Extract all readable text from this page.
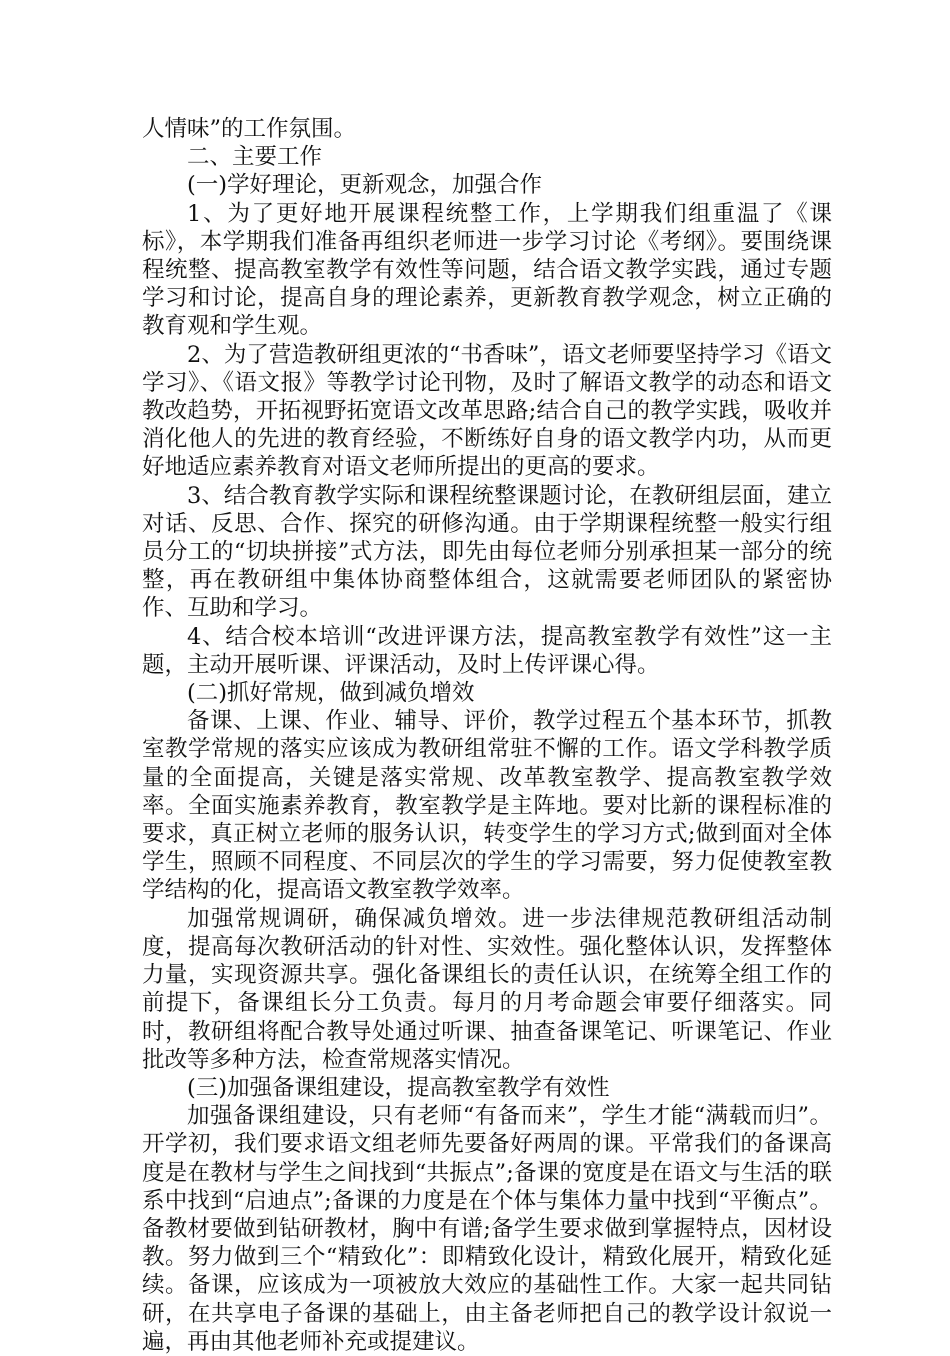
人情味”的工作氛围。

二、主要工作

(一)学好理论，更新观念，加强合作

1、为了更好地开展课程统整工作，上学期我们组重温了《课标》，本学期我们准备再组织老师进一步学习讨论《考纲》。要围绕课程统整、提高教室教学有效性等问题，结合语文教学实践，通过专题学习和讨论，提高自身的理论素养，更新教育教学观念，树立正确的教育观和学生观。

2、为了营造教研组更浓的“书香味”，语文老师要坚持学习《语文学习》、《语文报》等教学讨论刊物，及时了解语文教学的动态和语文教改趋势，开拓视野拓宽语文改革思路;结合自己的教学实践，吸收并消化他人的先进的教育经验，不断练好自身的语文教学内功，从而更好地适应素养教育对语文老师所提出的更高的要求。

3、结合教育教学实际和课程统整课题讨论，在教研组层面，建立对话、反思、合作、探究的研修沟通。由于学期课程统整一般实行组员分工的“切块拼接”式方法，即先由每位老师分别承担某一部分的统整，再在教研组中集体协商整体组合，这就需要老师团队的紧密协作、互助和学习。

4、结合校本培训“改进评课方法，提高教室教学有效性”这一主题，主动开展听课、评课活动，及时上传评课心得。

(二)抓好常规，做到减负增效

备课、上课、作业、辅导、评价，教学过程五个基本环节，抓教室教学常规的落实应该成为教研组常驻不懈的工作。语文学科教学质量的全面提高，关键是落实常规、改革教室教学、提高教室教学效率。全面实施素养教育，教室教学是主阵地。要对比新的课程标准的要求，真正树立老师的服务认识，转变学生的学习方式;做到面对全体学生，照顾不同程度、不同层次的学生的学习需要，努力促使教室教学结构的化，提高语文教室教学效率。

加强常规调研，确保减负增效。进一步法律规范教研组活动制度，提高每次教研活动的针对性、实效性。强化整体认识，发挥整体力量，实现资源共享。强化备课组长的责任认识，在统筹全组工作的前提下，备课组长分工负责。每月的月考命题会审要仔细落实。同时，教研组将配合教导处通过听课、抽查备课笔记、听课笔记、作业批改等多种方法，检查常规落实情况。

(三)加强备课组建设，提高教室教学有效性

加强备课组建设，只有老师“有备而来”，学生才能“满载而归”。开学初，我们要求语文组老师先要备好两周的课。平常我们的备课高度是在教材与学生之间找到“共振点”;备课的宽度是在语文与生活的联系中找到“启迪点”;备课的力度是在个体与集体力量中找到“平衡点”。备教材要做到钻研教材，胸中有谱;备学生要求做到掌握特点，因材设教。努力做到三个“精致化”：即精致化设计，精致化展开，精致化延续。备课，应该成为一项被放大效应的基础性工作。大家一起共同钻研，在共享电子备课的基础上，由主备老师把自己的教学设计叙说一遍，再由其他老师补充或提建议。
